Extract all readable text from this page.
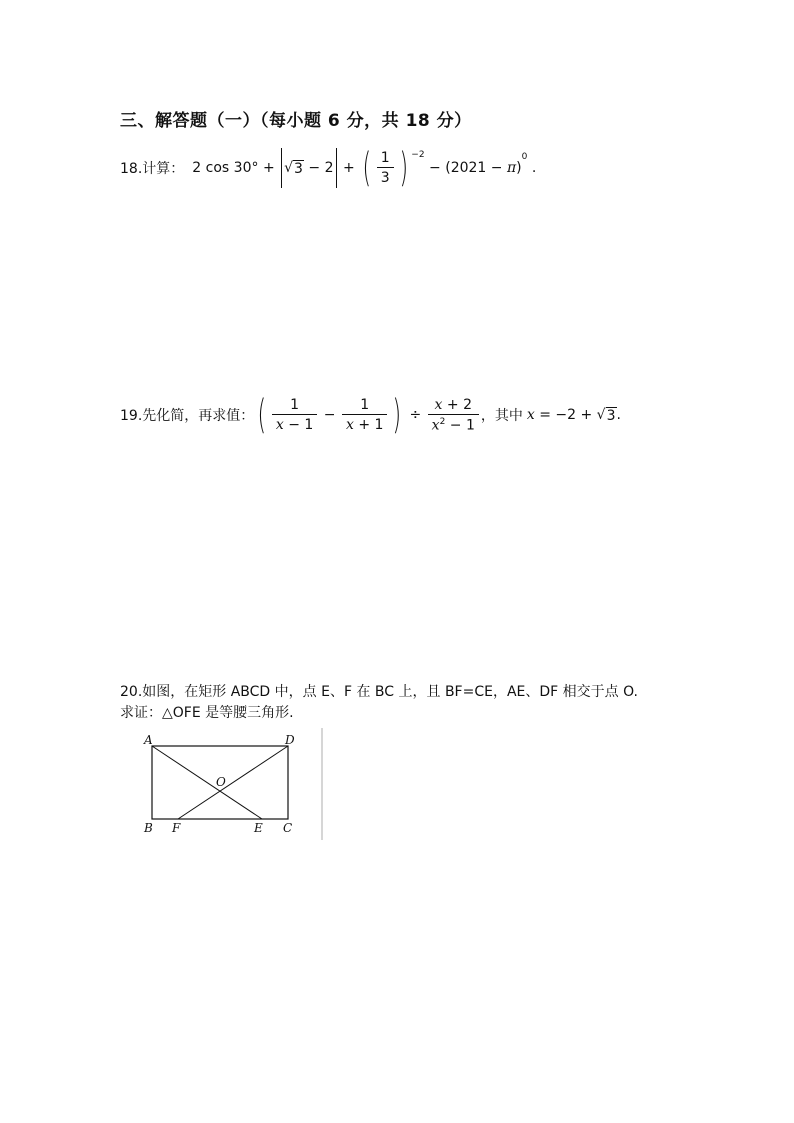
三、解答题（一）（每小题 6 分，共 18 分）
18.计算： 2
cos
30°
+
√ 3
− 2
+
( $\frac{1}{3}$ ) $^{-2}$

− ( 2021 −
π )
$^0$

.
19.先化简，再求值： ( $\frac{1}{x - 1}$
−
$\frac{1}{x + 1}$ )
÷
$\frac{x + 2}{x^2 - 1}$ ，其中 x = −2 + √ 3 .
20.如图，在矩形 ABCD 中，点 E、F 在 BC 上，且 BF=CE，AE、DF 相交于点 O.
求证：△OFE 是等腰三角形.
A	D
O
B F	E C
